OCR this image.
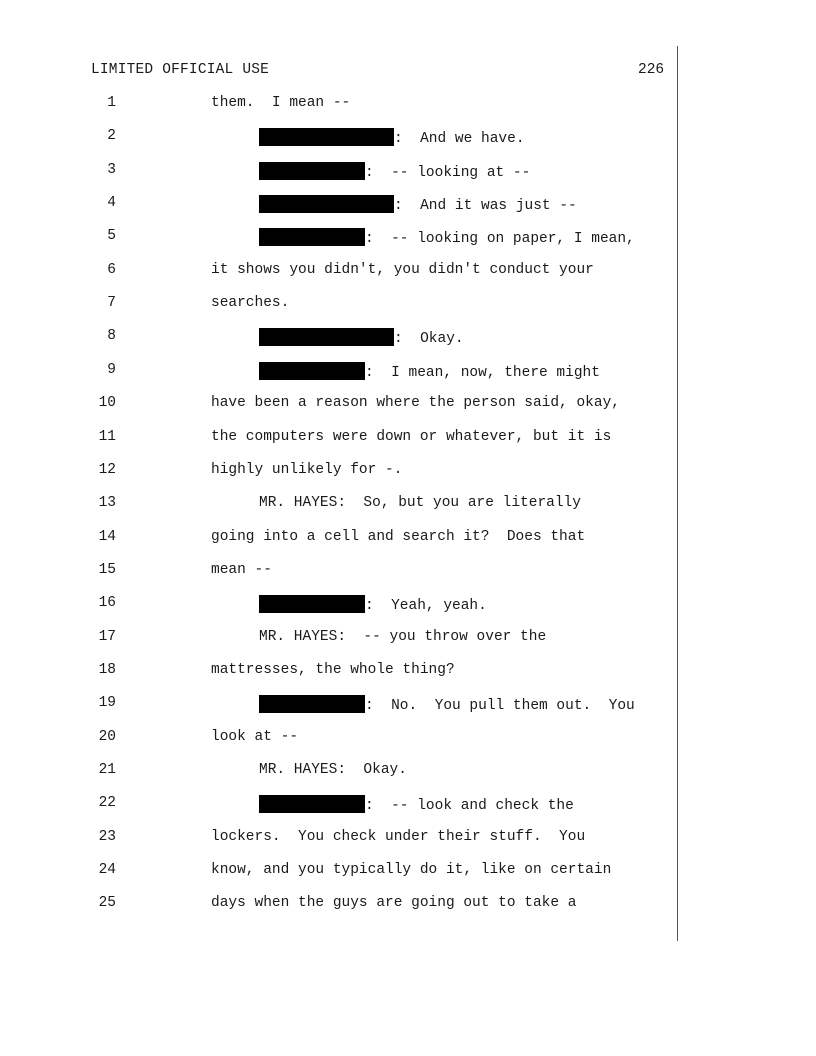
LIMITED OFFICIAL USE	226
1	them.  I mean --
2	:  And we have.
3	:  -- looking at --
4	:  And it was just --
5	:  -- looking on paper, I mean,
6	it shows you didn't, you didn't conduct your
7	searches.
8	:  Okay.
9	:  I mean, now, there might
10	have been a reason where the person said, okay,
11	the computers were down or whatever, but it is
12	highly unlikely for -.
13	MR. HAYES:  So, but you are literally
14	going into a cell and search it?  Does that
15	mean --
16	:  Yeah, yeah.
17	MR. HAYES:  -- you throw over the
18	mattresses, the whole thing?
19	:  No.  You pull them out.  You
20	look at --
21	MR. HAYES:  Okay.
22	:  -- look and check the
23	lockers.  You check under their stuff.  You
24	know, and you typically do it, like on certain
25	days when the guys are going out to take a
